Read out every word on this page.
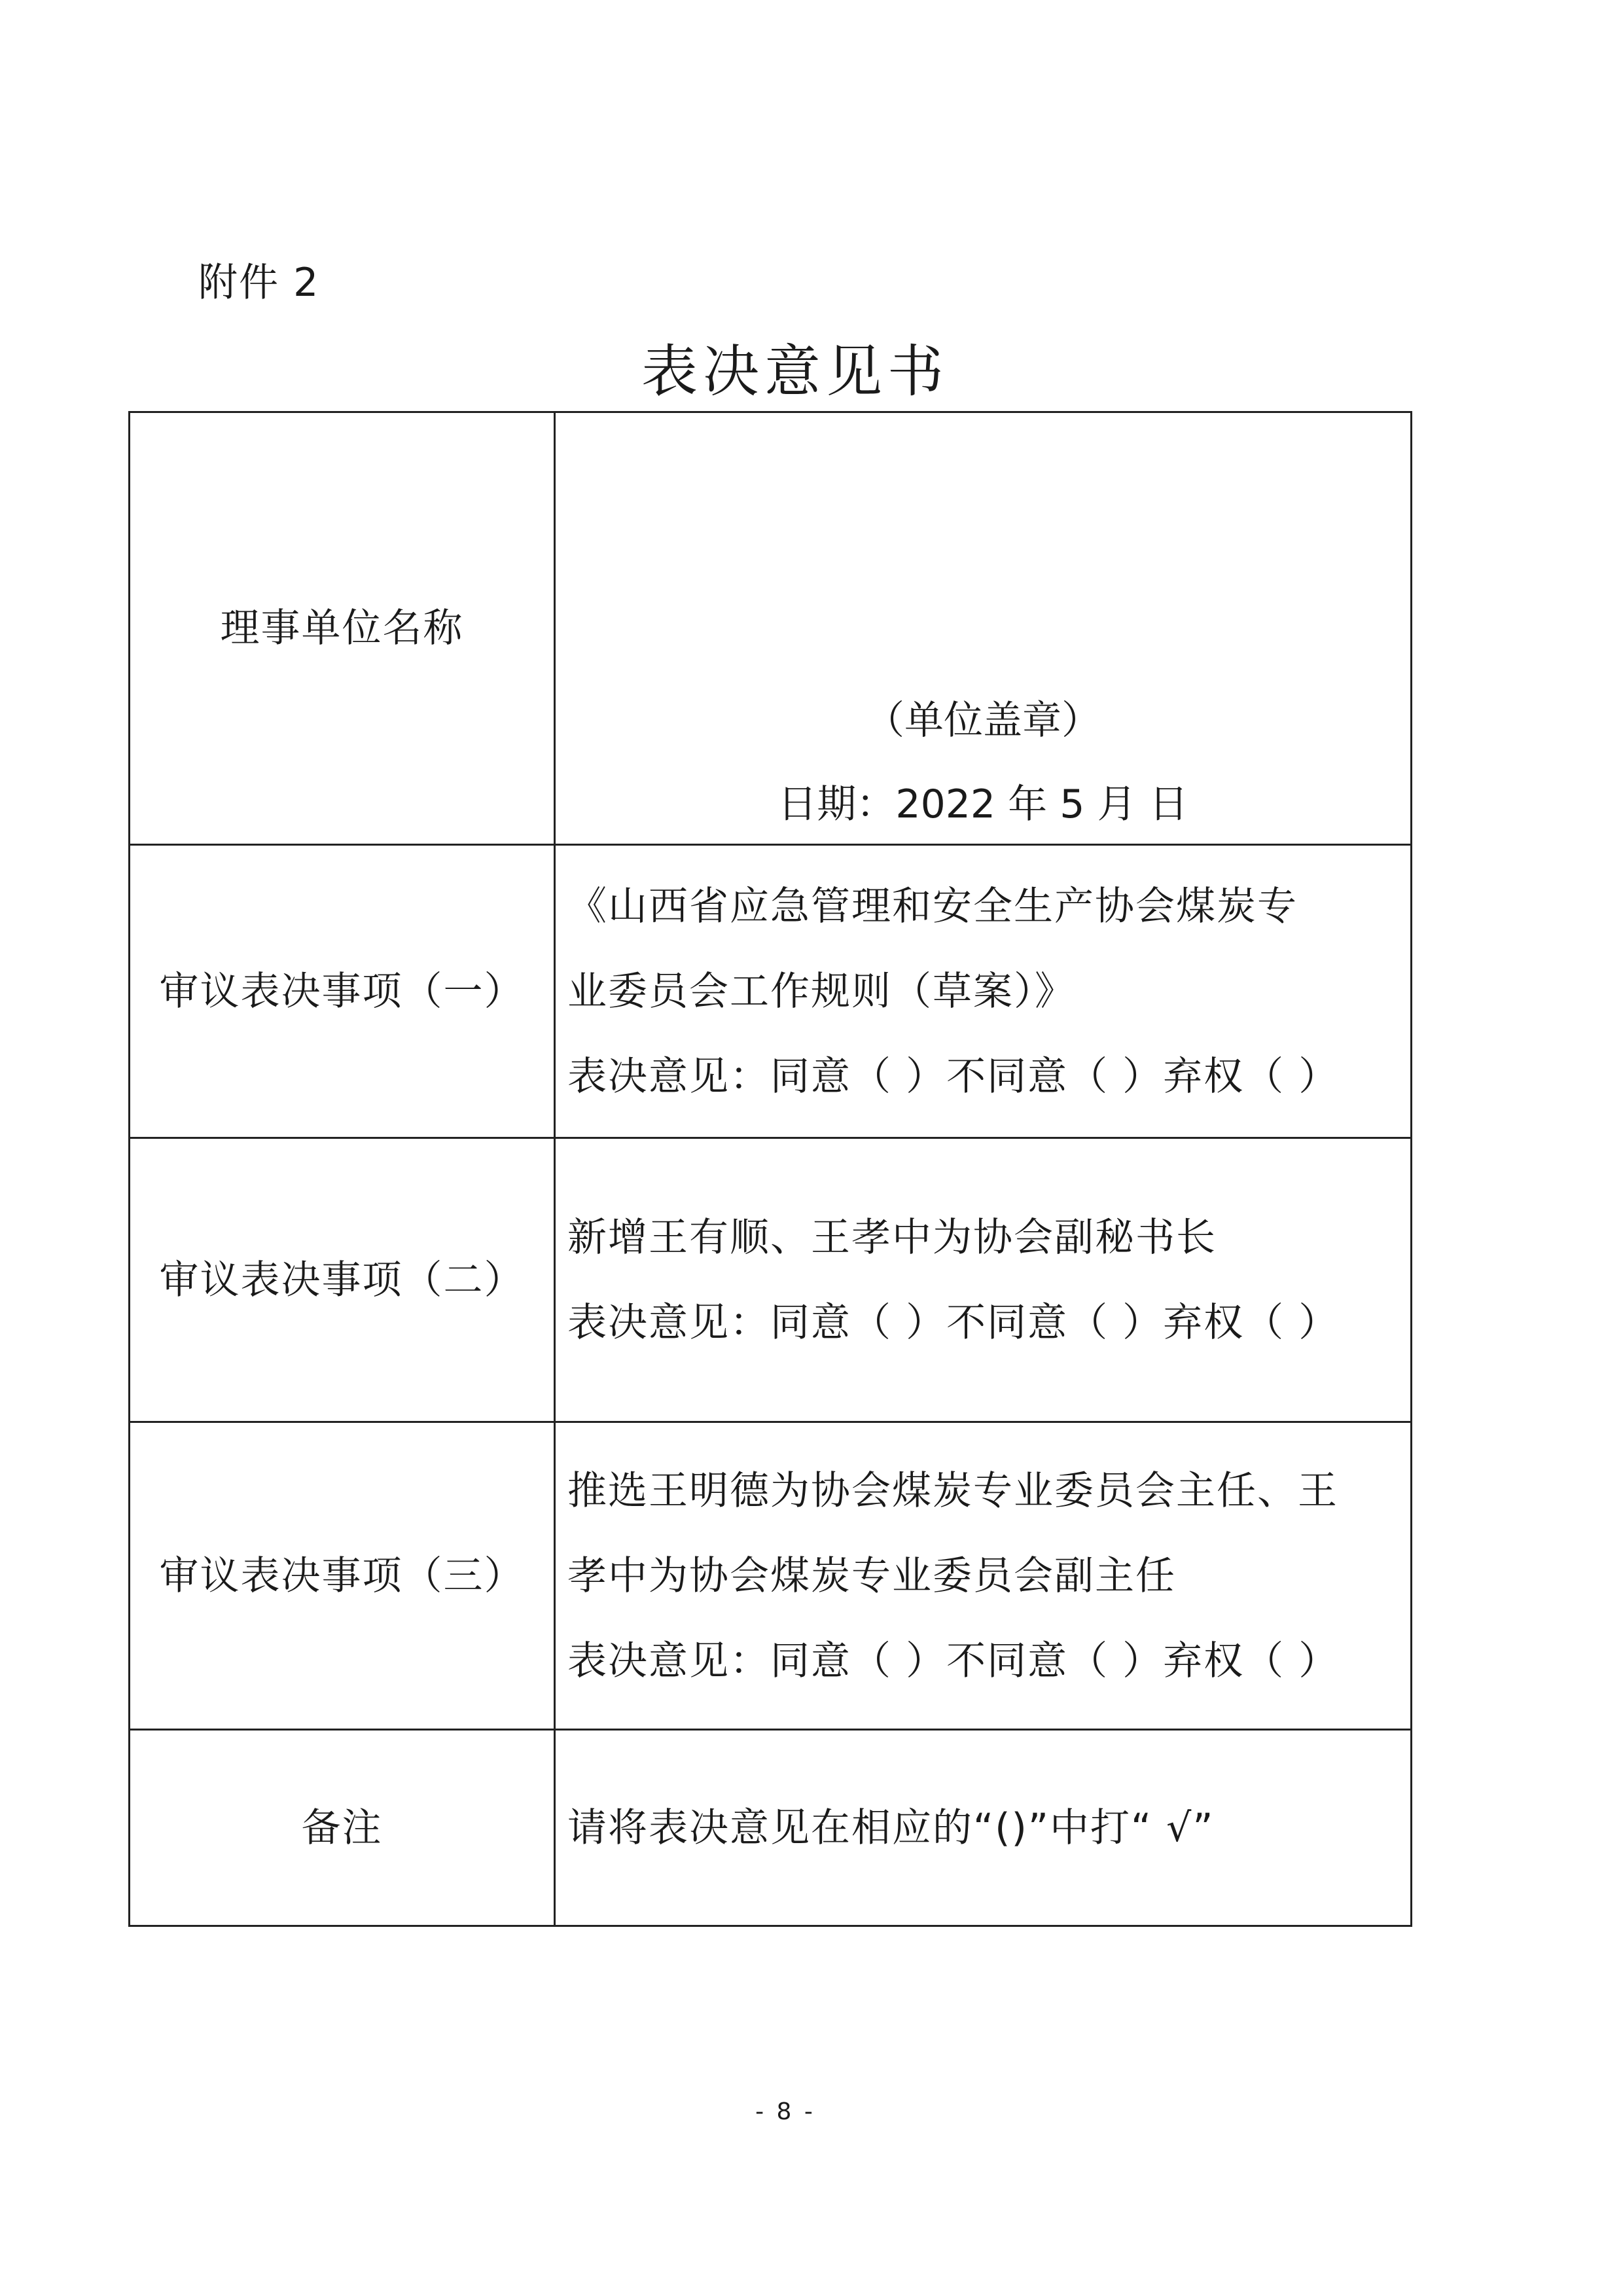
附件 2
表决意见书
理事单位名称	（单位盖章）
日期：2022 年 5 月 日

审议表决事项（一）	《山西省应急管理和安全生产协会煤炭专
业委员会工作规则（草案）》
表决意见：同意（ ）不同意（ ）弃权（ ）

审议表决事项（二）	新增王有顺、王孝中为协会副秘书长
表决意见：同意（ ）不同意（ ）弃权（ ）

审议表决事项（三）	推选王明德为协会煤炭专业委员会主任、王
孝中为协会煤炭专业委员会副主任
表决意见：同意（ ）不同意（ ）弃权（ ）

备注	请将表决意见在相应的“()”中打“ √”
- 8 -
